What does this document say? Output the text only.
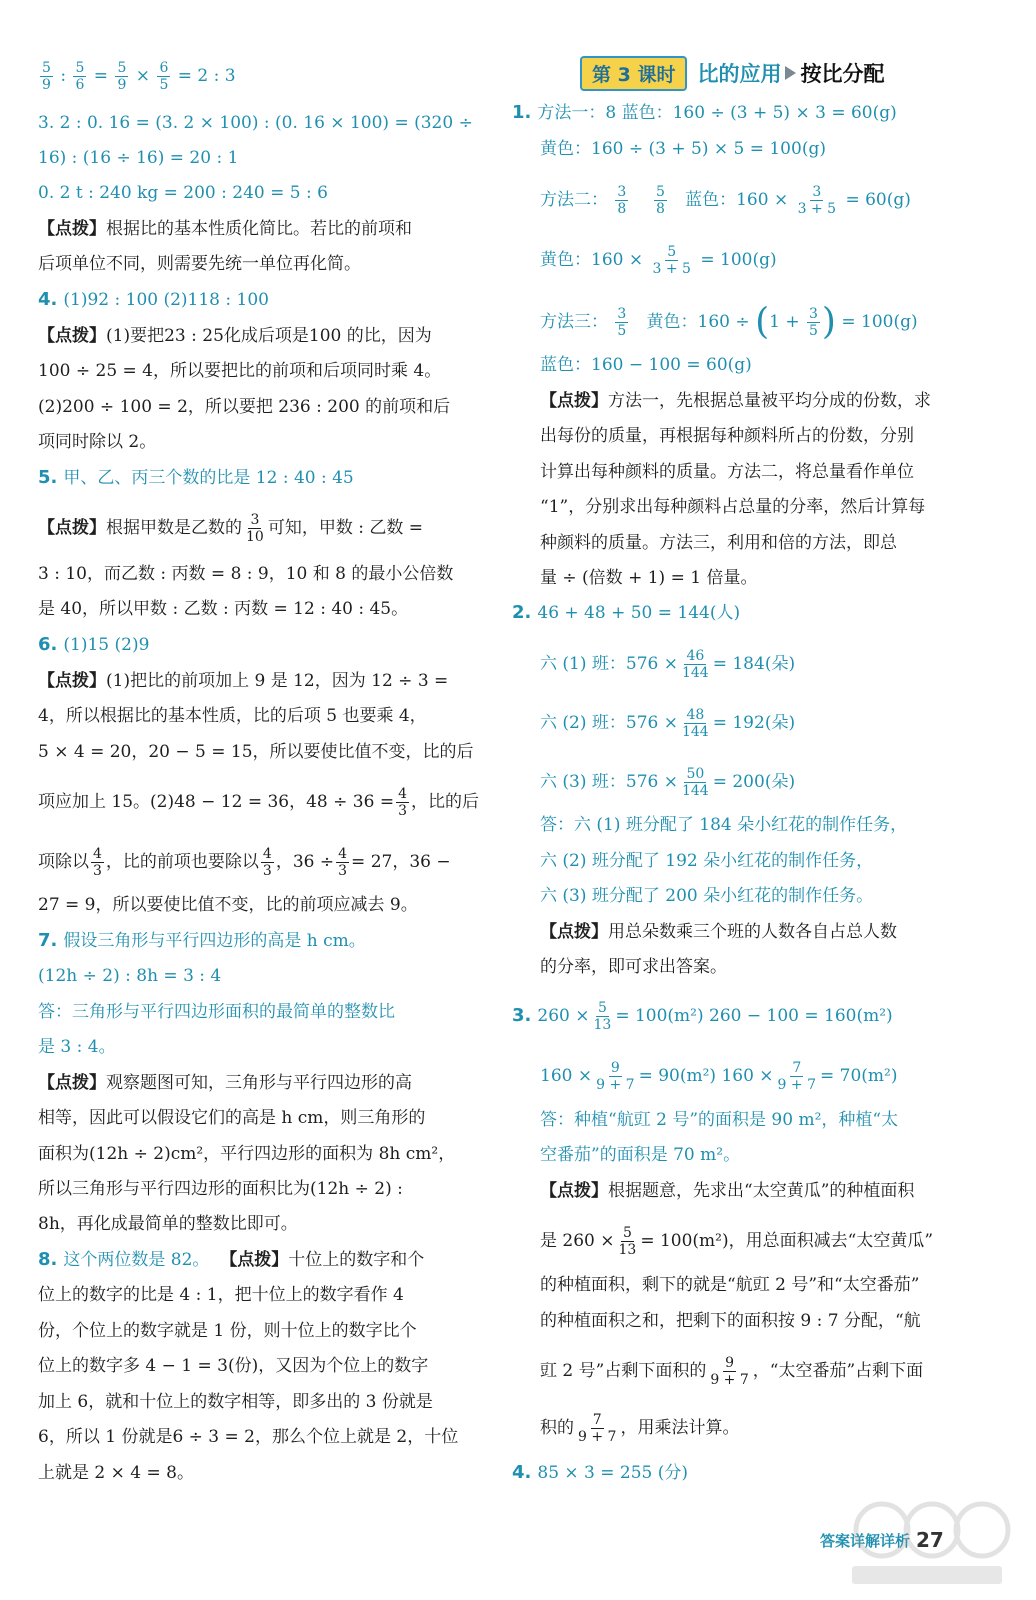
$\frac{5}{9}$ : $\frac{5}{6} = \frac{5}{9} \times \frac{6}{5} = 2$ : 3
3. 2 : 0. 16 = (3. 2 × 100) : (0. 16 × 100) = (320 ÷
16) : (16 ÷ 16) = 20 : 1
0. 2 t : 240 kg = 200 : 240 = 5 : 6
【点拨】根据比的基本性质化简比。若比的前项和
后项单位不同，则需要先统一单位再化简。
4. (1)92 : 100 (2)118 : 100
【点拨】(1)要把23 : 25化成后项是100 的比，因为
100 ÷ 25 = 4，所以要把比的前项和后项同时乘 4。
(2)200 ÷ 100 = 2，所以要把 236 : 200 的前项和后
项同时除以 2。
5. 甲、乙、丙三个数的比是 12 : 40 : 45
【点拨】根据甲数是乙数的 $\frac{3}{10}$ 可知，甲数 : 乙数 =
3 : 10，而乙数 : 丙数 = 8 : 9，10 和 8 的最小公倍数
是 40，所以甲数 : 乙数 : 丙数 = 12 : 40 : 45。
6. (1)15 (2)9
【点拨】(1)把比的前项加上 9 是 12，因为 12 ÷ 3 =
4，所以根据比的基本性质，比的后项 5 也要乘 4，
5 × 4 = 20，20 − 5 = 15，所以要使比值不变，比的后
项应加上 15。(2)48 − 12 = 36，$48 \div 36 = \frac{4}{3}$ ，比的后
项除以 $\frac{4}{3}$ ，比的前项也要除以 $\frac{4}{3}$ ，$36 \div \frac{4}{3} = 27$，36 −
27 = 9，所以要使比值不变，比的前项应减去 9。
7. 假设三角形与平行四边形的高是 h cm。
(12h ÷ 2) : 8h = 3 : 4
答：三角形与平行四边形面积的最简单的整数比
是 3 : 4。
【点拨】观察题图可知，三角形与平行四边形的高
相等，因此可以假设它们的高是 h cm，则三角形的
面积为(12h ÷ 2)cm²，平行四边形的面积为 8h cm²，
所以三角形与平行四边形的面积比为(12h ÷ 2) :
8h，再化成最简单的整数比即可。
8. 这个两位数是 82。 【点拨】十位上的数字和个
位上的数字的比是 4 : 1，把十位上的数字看作 4
份，个位上的数字就是 1 份，则十位上的数字比个
位上的数字多 4 − 1 = 3(份)，又因为个位上的数字
加上 6，就和十位上的数字相等，即多出的 3 份就是
6，所以 1 份就是6 ÷ 3 = 2，那么个位上就是 2，十位
上就是 2 × 4 = 8。
第 3 课时	比的应用 按比分配
1. 方法一：8 蓝色：160 ÷ (3 + 5) × 3 = 60(g)
黄色：160 ÷ (3 + 5) × 5 = 100(g)
方法二： $\frac{3}{8}$
$\frac{5}{8}$ 蓝色：$160 \times \frac{3}{3 + 5} = 60(g)$
黄色：$160 \times \frac{5}{3 + 5} = 100(g)$
方法三： $\frac{3}{5}$ 黄色：$160 \div (1 + \frac{3}{5}$ ) = 100(g)
蓝色：160 − 100 = 60(g)
【点拨】方法一，先根据总量被平均分成的份数，求
出每份的质量，再根据每种颜料所占的份数，分别
计算出每种颜料的质量。方法二，将总量看作单位
“1”，分别求出每种颜料占总量的分率，然后计算每
种颜料的质量。方法三，利用和倍的方法，即总
量 ÷ (倍数 + 1) = 1 倍量。
2. 46 + 48 + 50 = 144(人)
六 (1) 班：$576 \times \frac{46}{144} = 184$(朵)
六 (2) 班：$576 \times \frac{48}{144} = 192$(朵)
六 (3) 班：$576 \times \frac{50}{144} = 200$(朵)
答：六 (1) 班分配了 184 朵小红花的制作任务，
六 (2) 班分配了 192 朵小红花的制作任务，
六 (3) 班分配了 200 朵小红花的制作任务。
【点拨】用总朵数乘三个班的人数各自占总人数
的分率，即可求出答案。
3. $260 \times \frac{5}{13} = 100(m^2) 260 - 100 = 160(m^2)$
$160 \times \frac{9}{9 + 7} = 90(m^2) 160 \times \frac{7}{9 + 7} = 70(m^2)$
答：种植“航豇 2 号”的面积是 90 m²，种植“太
空番茄”的面积是 70 m²。
【点拨】根据题意，先求出“太空黄瓜”的种植面积
是 $260 \times \frac{5}{13} = 100(m^2)$，用总面积减去“太空黄瓜”
的种植面积，剩下的就是“航豇 2 号”和“太空番茄”
的种植面积之和，把剩下的面积按 9 : 7 分配，“航
豇 2 号”占剩下面积的 $\frac{9}{9 + 7}$ ，“太空番茄”占剩下面
积的 $\frac{7}{9 + 7}$ ，用乘法计算。
4. 85 × 3 = 255 (分)
答案详解详析 27
